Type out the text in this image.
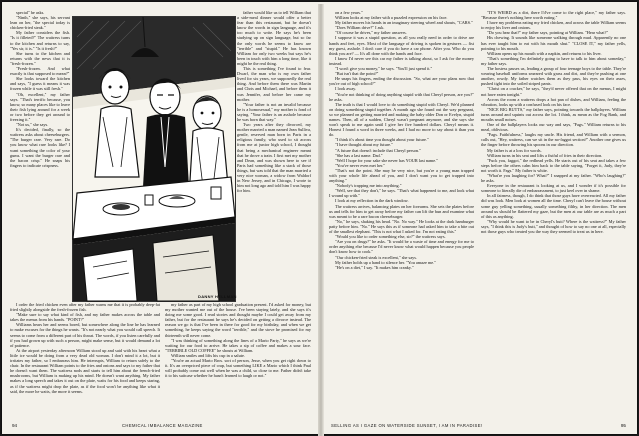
special" he asks.

"Ninth," she says, his servant lean on her, "the special today is chicken-fried steak."

My father considers the fish. "Is it filleted?" The waitress turns to the kitchen and returns to say, "Yes sir, it is." "Is it fresh?"

She turns to the kitchen and returns with the news that it is "fresh-frozen."

"Fresh-frozen. And what exactly is that supposed to mean?"

She looks toward the kitchen and says, "I guess it means it was frozen while it was still fresh."

"Oh, excellent," my father says. "That's terrific because, you know, so many places like to leave their fish lying around for a week or two before they get around to freezing it."

"Not us," she says.

It's decided, finally, so the waitress asks about cheeseburgers. "The burger rare. Very rare. Do you know what rare looks like? I want something the color of your gums. I want the burger rare and the bacon crisp." He snaps his fingers to indicate crispness.

I order the fried chicken even after my father warns me that it is probably deep-fat fried slightly alongside the fresh-frozen fish.

"Make sure to say what kind of fish, and my father makes across the table and takes the menus from his hands. "POINT?"

Williams hears her and seems bored, but somewhere along the line he has learned to make excuses for the things he wants. "It's not nearly what you would call speech. It seems to come from a different part of his throat. The words, if you listen carefully and if you had grown up with such a person, might make sense, but it would demand a lot of patience.

At the airport yesterday afternoon William stood up and said with his heart what a little ice would be doing from a very dead old woman. I don't mind it a lot, but it irritates my father, so I embarrass him. He interrupts, William to return safely to the chair. In the restaurant William points to the fries and onions and says to my father that he doesn't want them. The waitress nods and starts to tell him about the french-fried mushrooms, but William is making up his mind. He doesn't want anything. My father makes a long speech and takes it out on the plate, waits for his food and keeps staring, as if the waitress might drop the plate, as if the food won't be anything like what it said, the more he waits, the more it seems.

father would like us to tell William that a side-meal dinner would offer a better fear than this restaurant, but he doesn't know the words in sign language, and it's too much to write. He says he's been studying up on sign language, but so far the only words he seems to know are "terrible" and "stupid." He has known William for only two weeks but says he's been in touch with him a long time, like it might be the real thing.

This is something I've found to fear. Dwarf, the man who is my own father lived for six years, we supposedly the real thing. And before them there was Martin and Chris and Michael, and before them it was Jennifer, and before her came my mother.

"Your father is not an invalid because he is a homosexual," my mother is fond of saying. "Your father is an asshole because he was born that way."

Two years after they divorced, my mother married a man named Jean Sulliva, gentle, reserved man born in Paris in a religious family, who used to sit across from me at junior high school, I thought that being a mechanical engineer meant that he drove a train. I first met my mother and Dean, and was shown here to see if Paris had something like a stack of those things, but was told that the man married a very nice woman, a widow from Waldorf in New Jersey, and in Chicago, I wrote to him not long ago and told him I was happy for him.

my father as part of my high school graduation present. I'd asked for money, but my mother wanted me out of the house. I've been staying lately, and she says it's doing me some good. I read stories and thought maybe I could get away from my father, but for the restaurant he says he's decided on getting a divorce instead. The reason we go is that I've been in there for good for my birthday, and when we get something, he keeps saying the word "terrible," and the stove he promised for my thirteenth will never come.

"I was thinking of something along the lines of a Mario Party," he says as we're waiting for our food to arrive. He takes a sip of coffee and makes a sour face. "TERRIBLE OLD COFFEE" he shouts at William.

William smiles and lifts his cup in a salute.

"You're an actual Mario Bros. sort of person, Jesse, when you get right down to it. It's an overpriced piece of crap, but something LIKE a Mario which I think Paul will probably come out well when he was a child, so close to me. Father didn't take it to his suitcase whether he hasn't learned to laugh or not."

DANNY HELLMAN
94	CHEMICAL IMBALANCE MAGAZINE

on a few years."

William looks at my father with a puzzled expression on his face.

My father moves his hands in an imaginary steering wheel and shouts, "CARS."

"Does William drive?" I ask.

"Of course he drives," my father answers.

I suppose it was a stupid question, as all you really need in order to drive are hands and feet, eyes. Most of the language of driving is spoken in gestures — fist my guest, asshole. I don't care if you do have a car phone. After you. Who do you think you are? — It's all done with the hands and face.

I know I'd never see this car my father is talking about, so I ask for the money instead.

"I won't give you money," he says. "You'll just spend it."

"But isn't that the point?"

He snaps his fingers, ending the discussion. "So, what are your plans now that you're out of high school?"

I look away.

"You're not thinking of doing anything stupid with that Cheryl person, are you?" he asks.

The truth is that I would love to do something stupid with Cheryl. We'd planned on doing something stupid together. A month ago she found out the way pregnant, so we planned on getting married and making the baby older Don or Evelyn, stupid names. Then, all of a sudden, Cheryl wasn't pregnant anymore, and she says she won't speak to me again until I give her five hundred dollars. Cheryl means it. Honest I found a word in three weeks, and I had no more to say about it than you do.

"I think it's about time you thought about your future."

"I have thought about my future."

"A future that doesn't include that Cheryl person."

"She has a last name. Dad."

"Well I hope for your sake she never has YOUR last name."

"You've never even met her."

"That's not the point. She may be very nice, but you're a young man trapped with your whole life ahead of you, and I don't want you to get trapped into anything."

"Nobody's trapping me into anything."

"Well, see that they don't," he says. "That's what happened to me, and look what I wound up with."

I look at my reflection in the dark window.

The waitress arrives, balancing plates on her forearms. She sets the plates before us and tells for him to get away before my father can lift the bun and examine what was meant to be a rare bacon cheeseburger.

"No," he says, shaking his head. "No. No way." He looks at the dark hamburger patty before him. "No." He says this as if someone had asked him to take a bite out of the smallest elephant. "This is not what I asked for. I'm not eating this."

"Would you like to order something else, sir?" the waitress says.

"Are you on drugs?" he asks. "It would be a waste of time and energy for me to order anything else because I'd never know what would happen because you people don't know how to cook."

"Our chicken-fried steak is excellent," she says.

My father holds up a hand to silence her. "You amaze me."

"He's on a diet," I say. "It makes him cranky."

"IT'S WEIRD as a dirt, there I'd've come to the right place," my father says. "Because there's nothing here worth eating."

I have my problems eating my fried chicken, and across the table William seems to enjoy his liver and onions.

"Do you hear that?" my father says, pointing at William. "Hear what?"

His chewing. It sounds like someone walking through mud. Apparently no one has ever taught him to eat with his mouth shut." "CLOSE IT," my father yells, pointing to his mouth.

William opens up his mouth with a napkin, and returns to his liver.

"That's something I'm definitely going to have to talk to him about someday," my father says.

The hostess passes us, leading a group of four teenage boys to the table. They're wearing baseball uniforms smeared with grass and dirt, and they're pushing at one another, rowdy. My father watches them as they pass, his eyes on their asses, pushed tight into the soiled striped pants.

"Christ on a cracker," he says, "they'd never offered that on the menus, I might not have eaten tonight."

Across the room a waitress drops a hot pan of dishes, and William, feeling the vibration, looks up with a confused look on his face.

"NICE BIG BUTTS," my father says, pointing towards the ballplayers. William turns around and squints out across the lot. I think, as mean as the Fog Bank, and mouths small noises.

One of the ballplayers looks our way and says, "Fags." William returns to his meal, oblivious.

"Fags. Faithfulness," laughs my uncle. His friend, and William with a sermon, calls out, "Hey, waitress, can we sit in the no-faggot section?" Another one gives us the finger before throwing his spoons in our direction.

My father is at a loss for words.

William turns in his seat and lifts a fistful of fries in their direction.

"Fuck you, faggot," the redhead yells. He starts out of his seat and takes a few steps before the others calm him back to the table saying, "Forget it, Judy, they're not worth it. Fags." My father is white.

"What're you laughing for? What?" I snapped at my father. "Who's laughing?" he asks.

Everyone in the restaurant is looking at us, and I wonder if it's possible for someone to literally die of embarrassment, to just keel over in shame.

In all fairness, though, I do think that those guys have overreacted. All my father did was look. Men look at women all the time. Cheryl can't leave the house without some guy yelling something, usually something filthy, in her direction. The men around us should be flattered my gaze, but the men at our table are as much a part of this as anything.

"Why would he want to be in Cheryl's butt? Where is the waitress?" My father says, "I think this is Judy's butt," and thought of how to say no one at all, especially not those guys who treated you the way they seemed to treat us in here.

SELLING AS I GAZE ON WATERSIDE SUNSET, I AM IN PARADISE!	95
